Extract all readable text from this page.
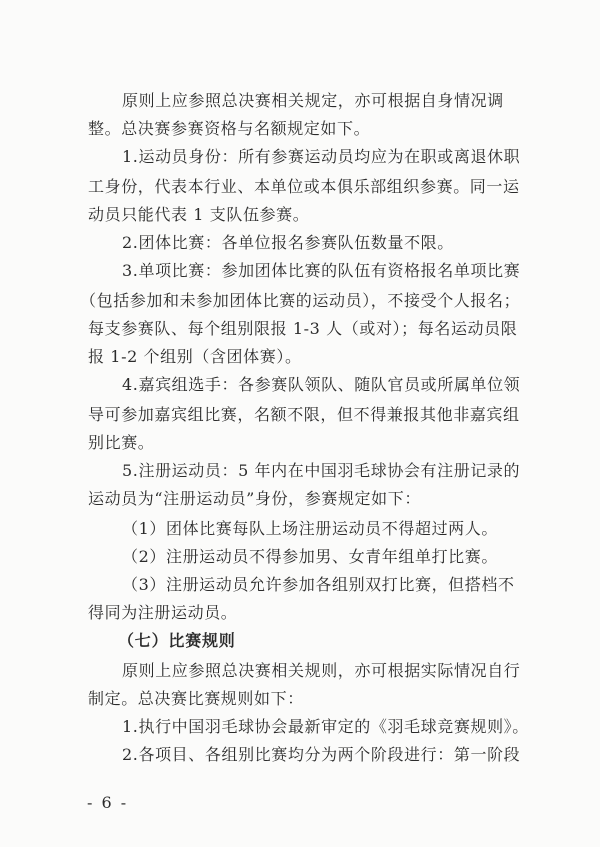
原则上应参照总决赛相关规定，亦可根据自身情况调
整。总决赛参赛资格与名额规定如下。
1.运动员身份：所有参赛运动员均应为在职或离退休职
工身份，代表本行业、本单位或本俱乐部组织参赛。同一运
动员只能代表 1 支队伍参赛。
2.团体比赛：各单位报名参赛队伍数量不限。
3.单项比赛：参加团体比赛的队伍有资格报名单项比赛
（包括参加和未参加团体比赛的运动员），不接受个人报名；
每支参赛队、每个组别限报 1-3 人（或对）；每名运动员限
报 1-2 个组别（含团体赛）。
4.嘉宾组选手：各参赛队领队、随队官员或所属单位领
导可参加嘉宾组比赛，名额不限，但不得兼报其他非嘉宾组
别比赛。
5.注册运动员：5 年内在中国羽毛球协会有注册记录的
运动员为“注册运动员”身份，参赛规定如下：
（1）团体比赛每队上场注册运动员不得超过两人。
（2）注册运动员不得参加男、女青年组单打比赛。
（3）注册运动员允许参加各组别双打比赛，但搭档不
得同为注册运动员。
（七）比赛规则
原则上应参照总决赛相关规则，亦可根据实际情况自行
制定。总决赛比赛规则如下：
1.执行中国羽毛球协会最新审定的《羽毛球竞赛规则》。
2.各项目、各组别比赛均分为两个阶段进行：第一阶段
- 6 -
